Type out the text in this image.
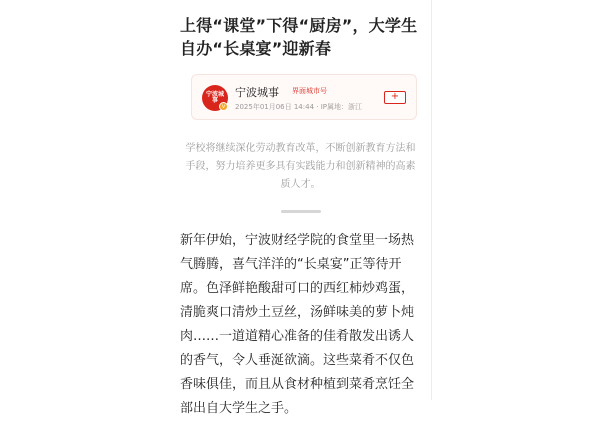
上得“课堂”下得“厨房”，大学生自办“长桌宴”迎新春
宁波城事
v
宁波城事 界面城市号
2025年01月06日 14:44 · IP属地：浙江
+

学校将继续深化劳动教育改革，不断创新教育方法和手段，努力培养更多具有实践能力和创新精神的高素质人才。

新年伊始，宁波财经学院的食堂里一场热气腾腾，喜气洋洋的“长桌宴”正等待开席。色泽鲜艳酸甜可口的西红柿炒鸡蛋，清脆爽口清炒土豆丝，汤鲜味美的萝卜炖肉……一道道精心准备的佳肴散发出诱人的香气，令人垂涎欲滴。这些菜肴不仅色香味俱佳，而且从食材种植到菜肴烹饪全部出自大学生之手。
